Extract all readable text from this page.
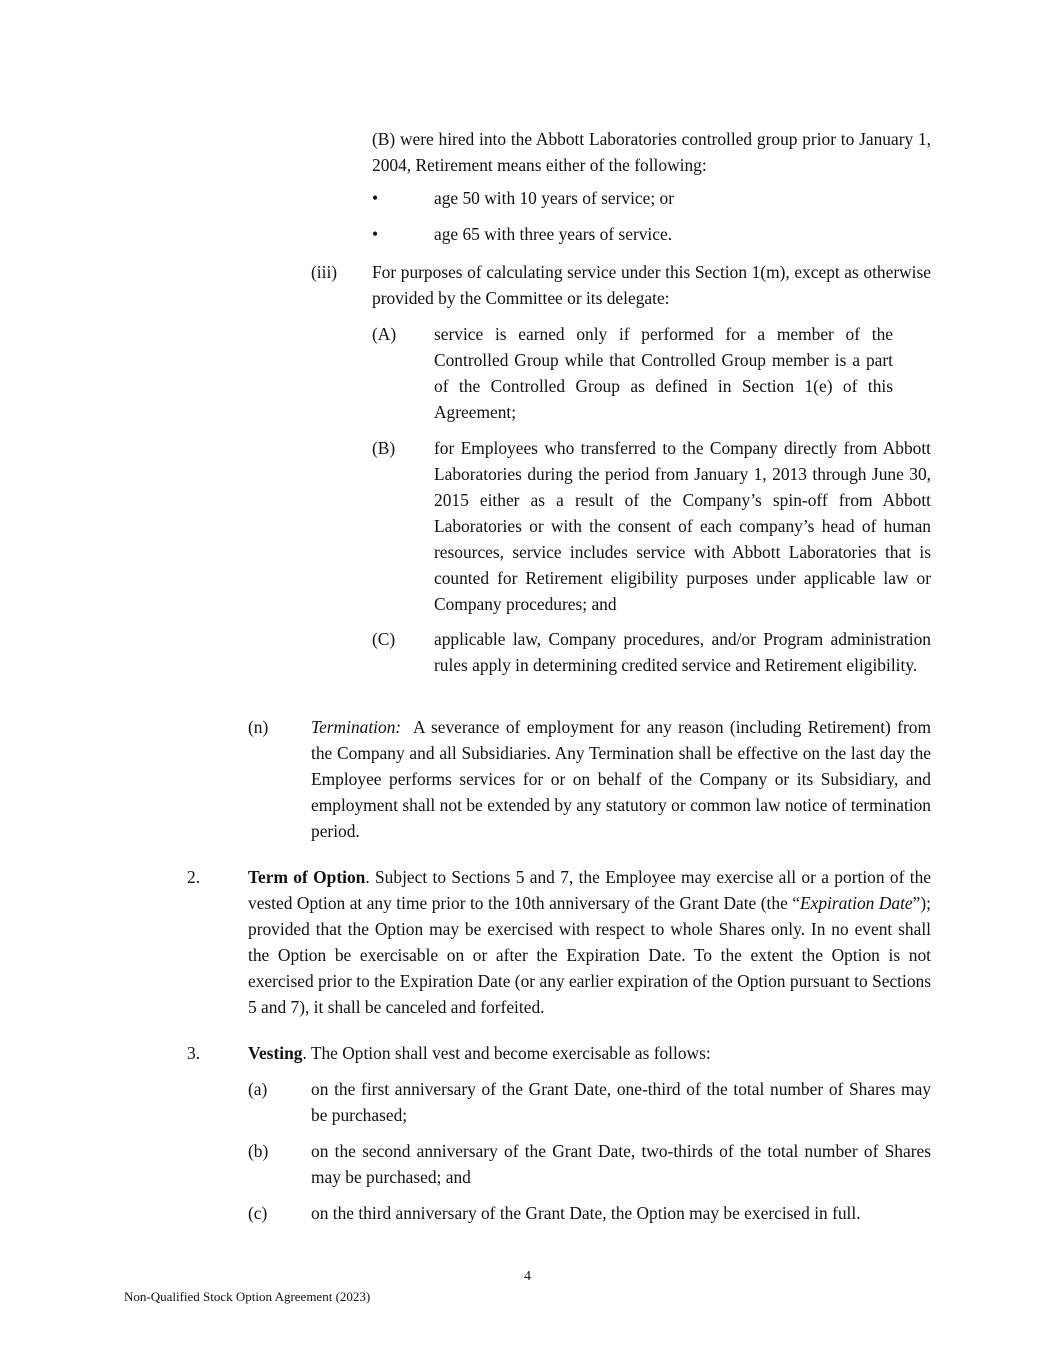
(B) were hired into the Abbott Laboratories controlled group prior to January 1, 2004, Retirement means either of the following:

•	age 50 with 10 years of service; or

•	age 65 with three years of service.

(iii) For purposes of calculating service under this Section 1(m), except as otherwise provided by the Committee or its delegate:

(A) service is earned only if performed for a member of the Controlled Group while that Controlled Group member is a part of the Controlled Group as defined in Section 1(e) of this Agreement;

(B) for Employees who transferred to the Company directly from Abbott Laboratories during the period from January 1, 2013 through June 30, 2015 either as a result of the Company’s spin-off from Abbott Laboratories or with the consent of each company’s head of human resources, service includes service with Abbott Laboratories that is counted for Retirement eligibility purposes under applicable law or Company procedures; and

(C) applicable law, Company procedures, and/or Program administration rules apply in determining credited service and Retirement eligibility.

(n) Termination: A severance of employment for any reason (including Retirement) from the Company and all Subsidiaries. Any Termination shall be effective on the last day the Employee performs services for or on behalf of the Company or its Subsidiary, and employment shall not be extended by any statutory or common law notice of termination period.

2.	Term of Option. Subject to Sections 5 and 7, the Employee may exercise all or a portion of the vested Option at any time prior to the 10th anniversary of the Grant Date (the “Expiration Date”); provided that the Option may be exercised with respect to whole Shares only. In no event shall the Option be exercisable on or after the Expiration Date. To the extent the Option is not exercised prior to the Expiration Date (or any earlier expiration of the Option pursuant to Sections 5 and 7), it shall be canceled and forfeited.

3.	Vesting. The Option shall vest and become exercisable as follows:

(a)	on the first anniversary of the Grant Date, one-third of the total number of Shares may be purchased;

(b) on the second anniversary of the Grant Date, two-thirds of the total number of Shares may be purchased; and

(c)	on the third anniversary of the Grant Date, the Option may be exercised in full.

4
Non-Qualified Stock Option Agreement (2023)
